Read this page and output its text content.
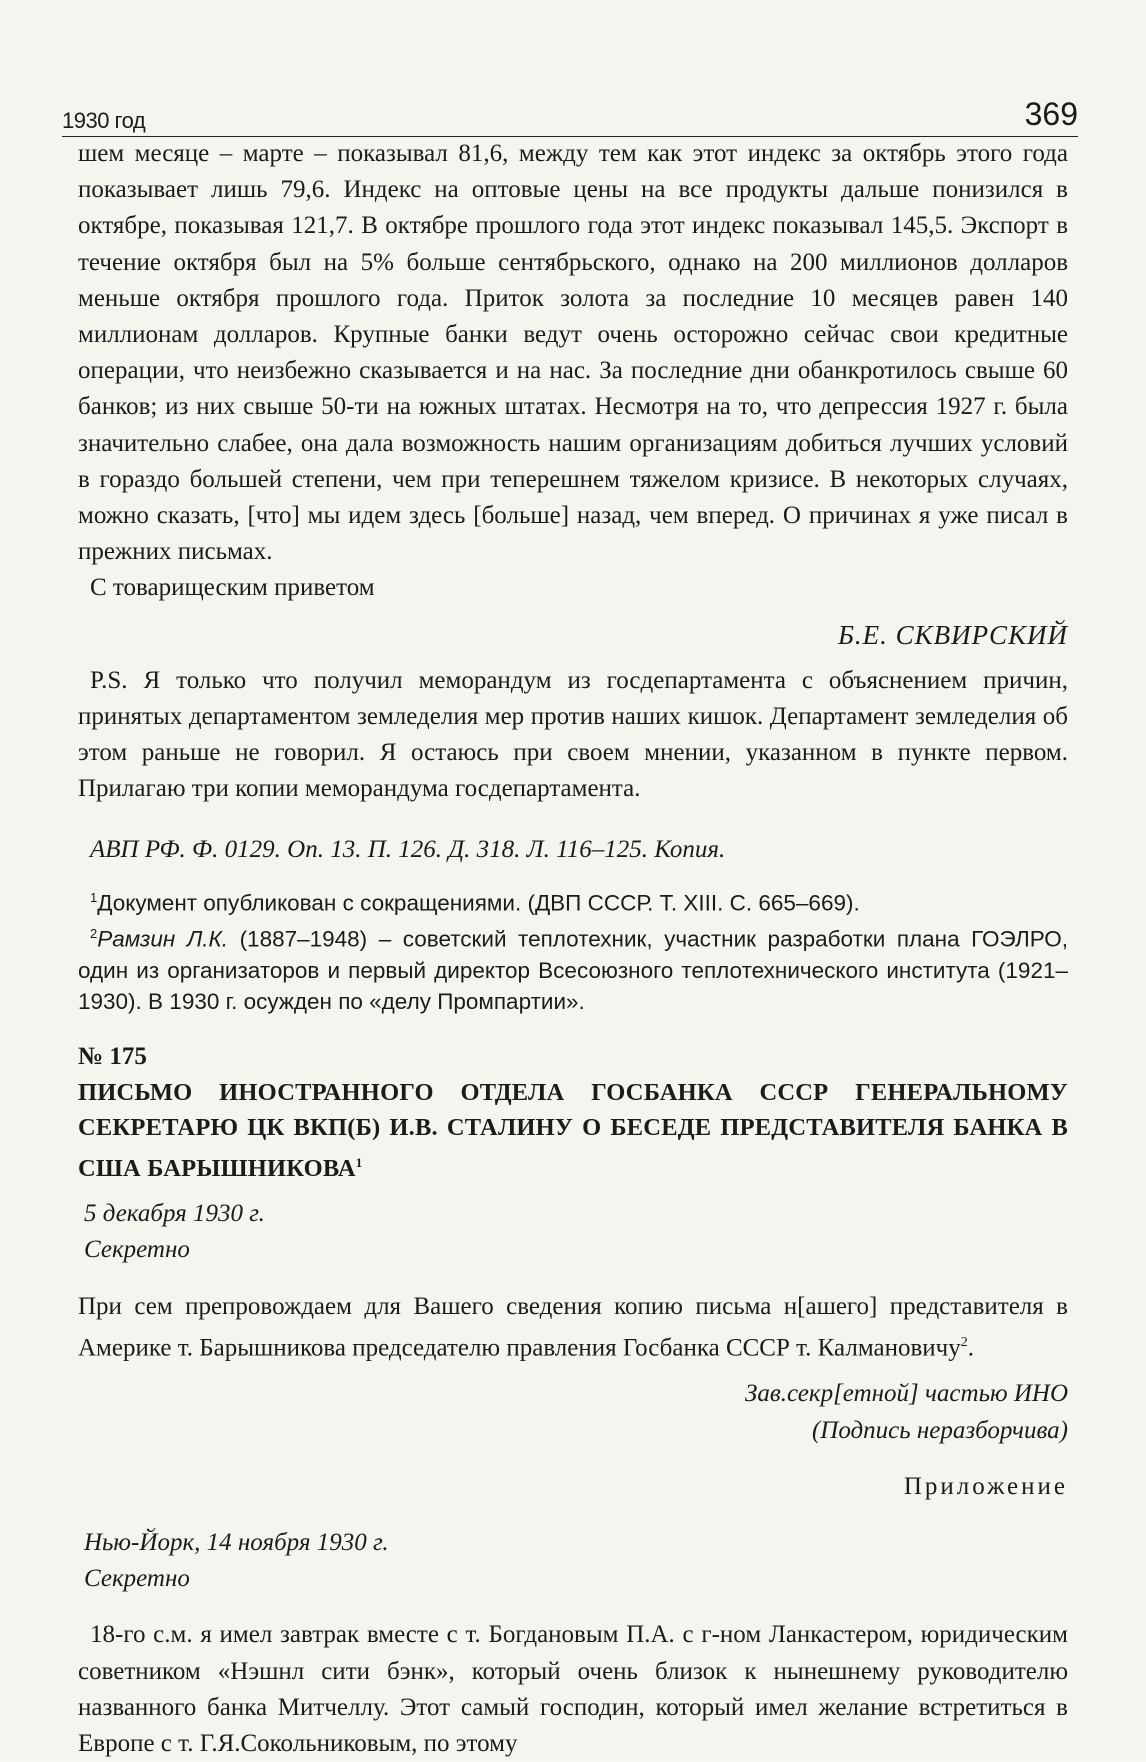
1930 год	369

шем месяце – марте – показывал 81,6, между тем как этот индекс за октябрь этого года показывает лишь 79,6. Индекс на оптовые цены на все продукты дальше понизился в октябре, показывая 121,7. В октябре прошлого года этот индекс показывал 145,5. Экспорт в течение октября был на 5% больше сентябрьского, однако на 200 миллионов долларов меньше октября прошлого года. Приток золота за последние 10 месяцев равен 140 миллионам долларов. Крупные банки ведут очень осторожно сейчас свои кредитные операции, что неизбежно сказывается и на нас. За последние дни обанкротилось свыше 60 банков; из них свыше 50-ти на южных штатах. Несмотря на то, что депрессия 1927 г. была значительно слабее, она дала возможность нашим организациям добиться лучших условий в гораздо большей степени, чем при теперешнем тяжелом кризисе. В некоторых случаях, можно сказать, [что] мы идем здесь [больше] назад, чем вперед. О причинах я уже писал в прежних письмах.

С товарищеским приветом

Б.Е. СКВИРСКИЙ

P.S. Я только что получил меморандум из госдепартамента с объяснением причин, принятых департаментом земледелия мер против наших кишок. Департамент земледелия об этом раньше не говорил. Я остаюсь при своем мнении, указанном в пункте первом. Прилагаю три копии меморандума госдепартамента.

АВП РФ. Ф. 0129. Оп. 13. П. 126. Д. 318. Л. 116–125. Копия.

$^1$Документ опубликован с сокращениями. (ДВП СССР. Т. XIII. С. 665–669).

$^2$Рамзин Л.К. (1887–1948) – советский теплотехник, участник разработки плана ГОЭЛРО, один из организаторов и первый директор Всесоюзного теплотехнического института (1921–1930). В 1930 г. осужден по «делу Промпартии».

№ 175

ПИСЬМО ИНОСТРАННОГО ОТДЕЛА ГОСБАНКА СССР ГЕНЕРАЛЬНОМУ СЕКРЕТАРЮ ЦК ВКП(Б) И.В. СТАЛИНУ О БЕСЕДЕ ПРЕДСТАВИТЕЛЯ БАНКА В США БАРЫШНИКОВА$^1$

5 декабря 1930 г.

Секретно

При сем препровождаем для Вашего сведения копию письма н[ашего] представителя в Америке т. Барышникова председателю правления Госбанка СССР т. Калмановичу$^2$.

Зав.секр[етной] частью ИНО

(Подпись неразборчива)

Приложение

Нью-Йорк, 14 ноября 1930 г.

Секретно

18-го с.м. я имел завтрак вместе с т. Богдановым П.А. с г-ном Ланкастером, юридическим советником «Нэшнл сити бэнк», который очень близок к нынешнему руководителю названного банка Митчеллу. Этот самый господин, который имел желание встретиться в Европе с т. Г.Я.Сокольниковым, по этому
